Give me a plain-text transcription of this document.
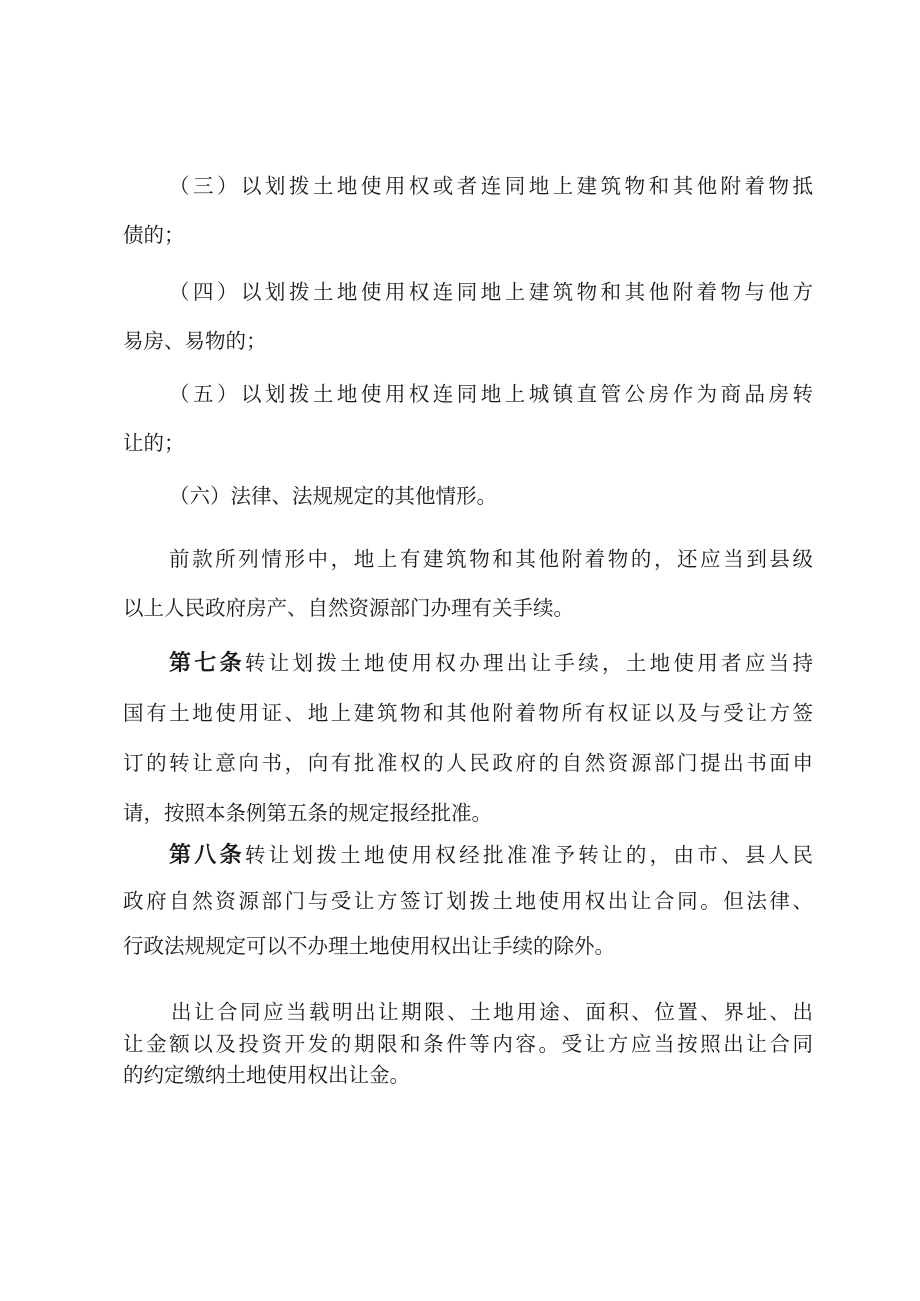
（三）以划拨土地使用权或者连同地上建筑物和其他附着物抵
债的；
（四）以划拨土地使用权连同地上建筑物和其他附着物与他方
易房、易物的；
（五）以划拨土地使用权连同地上城镇直管公房作为商品房转
让的；
（六）法律、法规规定的其他情形。
前款所列情形中，地上有建筑物和其他附着物的，还应当到县级
以上人民政府房产、自然资源部门办理有关手续。
第七条转让划拨土地使用权办理出让手续，土地使用者应当持
国有土地使用证、地上建筑物和其他附着物所有权证以及与受让方签
订的转让意向书，向有批准权的人民政府的自然资源部门提出书面申
请，按照本条例第五条的规定报经批准。
第八条转让划拨土地使用权经批准准予转让的，由市、县人民
政府自然资源部门与受让方签订划拨土地使用权出让合同。但法律、
行政法规规定可以不办理土地使用权出让手续的除外。
出让合同应当载明出让期限、土地用途、面积、位置、界址、出
让金额以及投资开发的期限和条件等内容。受让方应当按照出让合同
的约定缴纳土地使用权出让金。
